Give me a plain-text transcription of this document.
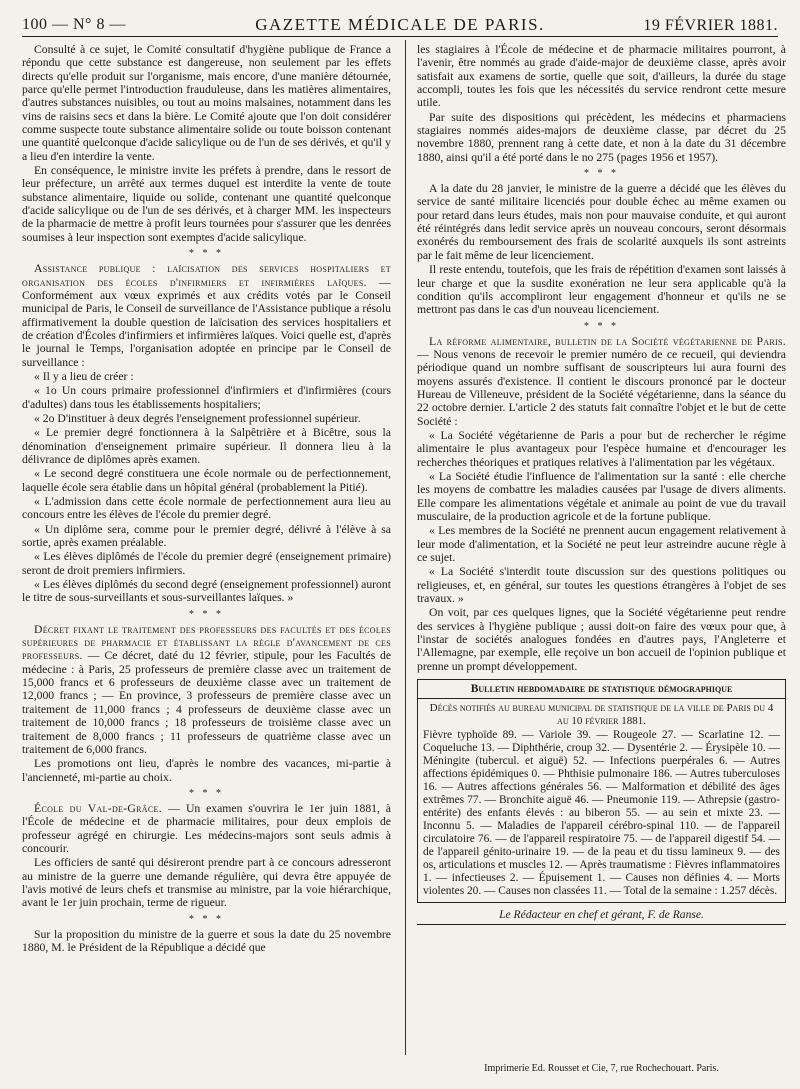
100 — N° 8 —	GAZETTE MÉDICALE DE PARIS.	19 FÉVRIER 1881.

Consulté à ce sujet, le Comité consultatif d'hygiène publique de France a répondu que cette substance est dangereuse, non seulement par les effets directs qu'elle produit sur l'organisme, mais encore, d'une manière détournée, parce qu'elle permet l'introduction frauduleuse, dans les matières alimentaires, d'autres substances nuisibles, ou tout au moins malsaines, notamment dans les vins de raisins secs et dans la bière. Le Comité ajoute que l'on doit considérer comme suspecte toute substance alimentaire solide ou toute boisson contenant une quantité quelconque d'acide salicylique ou de l'un de ses dérivés, et qu'il y a lieu d'en interdire la vente.

En conséquence, le ministre invite les préfets à prendre, dans le ressort de leur préfecture, un arrêté aux termes duquel est interdite la vente de toute substance alimentaire, liquide ou solide, contenant une quantité quelconque d'acide salicylique ou de l'un de ses dérivés, et à charger MM. les inspecteurs de la pharmacie de mettre à profit leurs tournées pour s'assurer que les denrées soumises à leur inspection sont exemptes d'acide salicylique.

* * *

Assistance publique : laïcisation des services hospitaliers et organisation des écoles d'infirmiers et infirmières laïques. — Conformément aux vœux exprimés et aux crédits votés par le Conseil municipal de Paris, le Conseil de surveillance de l'Assistance publique a résolu affirmativement la double question de laïcisation des services hospitaliers et de création d'Écoles d'infirmiers et infirmières laïques. Voici quelle est, d'après le journal le Temps, l'organisation adoptée en principe par le Conseil de surveillance :

« Il y a lieu de créer :

« 1o Un cours primaire professionnel d'infirmiers et d'infirmières (cours d'adultes) dans tous les établissements hospitaliers;

« 2o D'instituer à deux degrés l'enseignement professionnel supérieur.

« Le premier degré fonctionnera à la Salpêtrière et à Bicêtre, sous la dénomination d'enseignement primaire supérieur. Il donnera lieu à la délivrance de diplômes après examen.

« Le second degré constituera une école normale ou de perfectionnement, laquelle école sera établie dans un hôpital général (probablement la Pitié).

« L'admission dans cette école normale de perfectionnement aura lieu au concours entre les élèves de l'école du premier degré.

« Un diplôme sera, comme pour le premier degré, délivré à l'élève à sa sortie, après examen préalable.

« Les élèves diplômés de l'école du premier degré (enseignement primaire) seront de droit premiers infirmiers.

« Les élèves diplômés du second degré (enseignement professionnel) auront le titre de sous-surveillants et sous-surveillantes laïques. »

* * *

Décret fixant le traitement des professeurs des facultés et des écoles supérieures de pharmacie et établissant la règle d'avancement de ces professeurs. — Ce décret, daté du 12 février, stipule, pour les Facultés de médecine : à Paris, 25 professeurs de première classe avec un traitement de 15,000 francs et 6 professeurs de deuxième classe avec un traitement de 12,000 francs ; — En province, 3 professeurs de première classe avec un traitement de 11,000 francs ; 4 professeurs de deuxième classe avec un traitement de 10,000 francs ; 18 professeurs de troisième classe avec un traitement de 8,000 francs ; 11 professeurs de quatrième classe avec un traitement de 6,000 francs.

Les promotions ont lieu, d'après le nombre des vacances, mi-partie à l'ancienneté, mi-partie au choix.

* * *

École du Val-de-Grâce. — Un examen s'ouvrira le 1er juin 1881, à l'École de médecine et de pharmacie militaires, pour deux emplois de professeur agrégé en chirurgie. Les médecins-majors sont seuls admis à concourir.

Les officiers de santé qui désireront prendre part à ce concours adresseront au ministre de la guerre une demande régulière, qui devra être appuyée de l'avis motivé de leurs chefs et transmise au ministre, par la voie hiérarchique, avant le 1er juin prochain, terme de rigueur.

* * *

Sur la proposition du ministre de la guerre et sous la date du 25 novembre 1880, M. le Président de la République a décidé que

les stagiaires à l'École de médecine et de pharmacie militaires pourront, à l'avenir, être nommés au grade d'aide-major de deuxième classe, après avoir satisfait aux examens de sortie, quelle que soit, d'ailleurs, la durée du stage accompli, toutes les fois que les nécessités du service rendront cette mesure utile.

Par suite des dispositions qui précèdent, les médecins et pharmaciens stagiaires nommés aides-majors de deuxième classe, par décret du 25 novembre 1880, prennent rang à cette date, et non à la date du 31 décembre 1880, ainsi qu'il a été porté dans le no 275 (pages 1956 et 1957).

* * *

A la date du 28 janvier, le ministre de la guerre a décidé que les élèves du service de santé militaire licenciés pour double échec au même examen ou pour retard dans leurs études, mais non pour mauvaise conduite, et qui auront été réintégrés dans ledit service après un nouveau concours, seront désormais exonérés du remboursement des frais de scolarité auxquels ils sont astreints par le fait même de leur licenciement.

Il reste entendu, toutefois, que les frais de répétition d'examen sont laissés à leur charge et que la susdite exonération ne leur sera applicable qu'à la condition qu'ils accompliront leur engagement d'honneur et qu'ils ne se mettront pas dans le cas d'un nouveau licenciement.

* * *

La réforme alimentaire, bulletin de la Société végétarienne de Paris. — Nous venons de recevoir le premier numéro de ce recueil, qui deviendra périodique quand un nombre suffisant de souscripteurs lui aura fourni des moyens assurés d'existence. Il contient le discours prononcé par le docteur Hureau de Villeneuve, président de la Société végétarienne, dans la séance du 22 octobre dernier. L'article 2 des statuts fait connaître l'objet et le but de cette Société :

« La Société végétarienne de Paris a pour but de rechercher le régime alimentaire le plus avantageux pour l'espèce humaine et d'encourager les recherches théoriques et pratiques relatives à l'alimentation par les végétaux.

« La Société étudie l'influence de l'alimentation sur la santé : elle cherche les moyens de combattre les maladies causées par l'usage de divers aliments. Elle compare les alimentations végétale et animale au point de vue du travail musculaire, de la production agricole et de la fortune publique.

« Les membres de la Société ne prennent aucun engagement relativement à leur mode d'alimentation, et la Société ne peut leur astreindre aucune règle à ce sujet.

« La Société s'interdit toute discussion sur des questions politiques ou religieuses, et, en général, sur toutes les questions étrangères à l'objet de ses travaux. »

On voit, par ces quelques lignes, que la Société végétarienne peut rendre des services à l'hygiène publique ; aussi doit-on faire des vœux pour que, à l'instar de sociétés analogues fondées en d'autres pays, l'Angleterre et l'Allemagne, par exemple, elle reçoive un bon accueil de l'opinion publique et prenne un prompt développement.

Bulletin hebdomadaire de statistique démographique
Décès notifiés au bureau municipal de statistique de la ville de Paris du 4 au 10 février 1881.

Fièvre typhoïde 89. — Variole 39. — Rougeole 27. — Scarlatine 12. — Coqueluche 13. — Diphthérie, croup 32. — Dysentérie 2. — Érysipèle 10. — Méningite (tubercul. et aiguë) 52. — Infections puerpérales 6. — Autres affections épidémiques 0. — Phthisie pulmonaire 186. — Autres tuberculoses 16. — Autres affections générales 56. — Malformation et débilité des âges extrêmes 77. — Bronchite aiguë 46. — Pneumonie 119. — Athrepsie (gastro-entérite) des enfants élevés : au biberon 55. — au sein et mixte 23. — Inconnu 5. — Maladies de l'appareil cérébro-spinal 110. — de l'appareil circulatoire 76. — de l'appareil respiratoire 75. — de l'appareil digestif 54. — de l'appareil génito-urinaire 19. — de la peau et du tissu lamineux 9. — des os, articulations et muscles 12. — Après traumatisme : Fièvres inflammatoires 1. — infectieuses 2. — Épuisement 1. — Causes non définies 4. — Morts violentes 20. — Causes non classées 11. — Total de la semaine : 1.257 décès.

Le Rédacteur en chef et gérant, F. de Ranse.
Imprimerie Ed. Rousset et Cie, 7, rue Rochechouart. Paris.
